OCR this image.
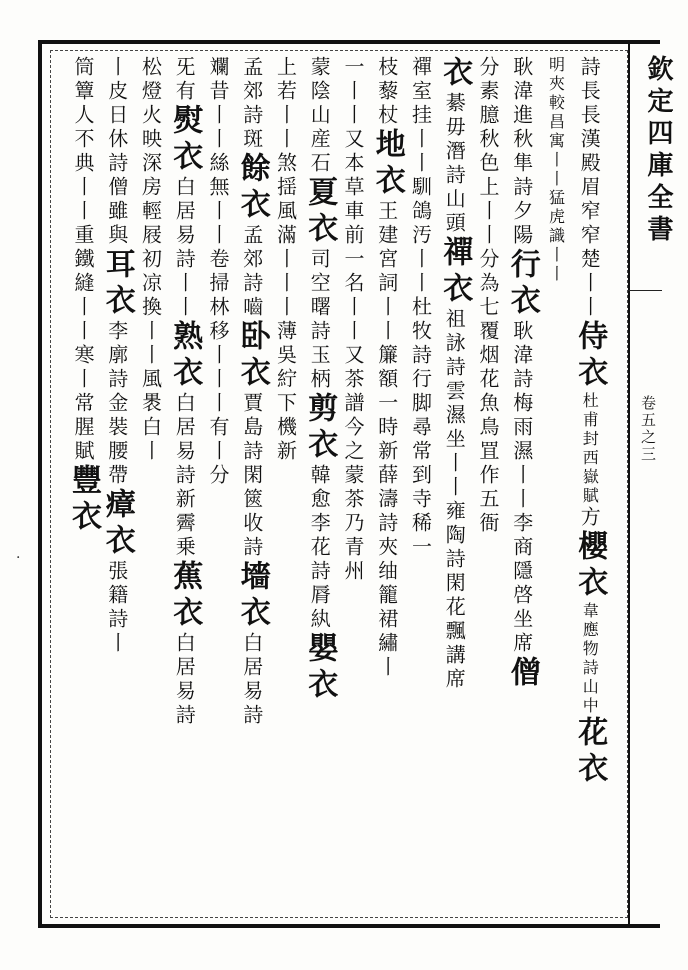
欽定四庫全書
卷五之三
·
詩長長漢殿眉窄窄楚丨丨侍衣杜甫封西嶽賦方櫻衣韋應物詩山中花衣
明夾較昌寓丨丨猛虎識丨丨
耿湋進秋隼詩夕陽行衣耿湋詩梅雨濕丨丨李商隱啓坐席僧
分素臆秋色上丨丨分為七覆烟花魚鳥罝作五衙
衣綦毋潛詩山頭禪衣祖詠詩雲濕坐丨丨雍陶詩閑花飄講席
禪室挂丨丨馴鴿汚丨丨杜牧詩行脚尋常到寺稀一
枝藜杖地衣王建宮詞丨丨簾額一時新薛濤詩夾䌷籠裙繡丨
一丨丨又本草車前一名丨丨又茶譜今之蒙茶乃青州
蒙陰山産石夏衣司空曙詩玉柄剪衣韓愈李花詩脣紈嬰衣
上若丨丨煞揺風滿丨丨丨薄吳紵下機新
孟郊詩斑餘衣孟郊詩嚙卧衣賈島詩閑篋收詩墻衣白居易詩
斕昔丨丨絲無丨丨卷掃林移丨丨丨有丨分
旡有熨衣白居易詩丨丨熟衣白居易詩新霽乗蕉衣白居易詩
松燈火映深房輕屐初凉換丨丨風褁白丨
丨皮日休詩僧雖與耳衣李廓詩金裝腰帶瘴衣張籍詩丨
筒簟人不典丨丨重鐵縫丨丨寒丨常腥賦豐衣
